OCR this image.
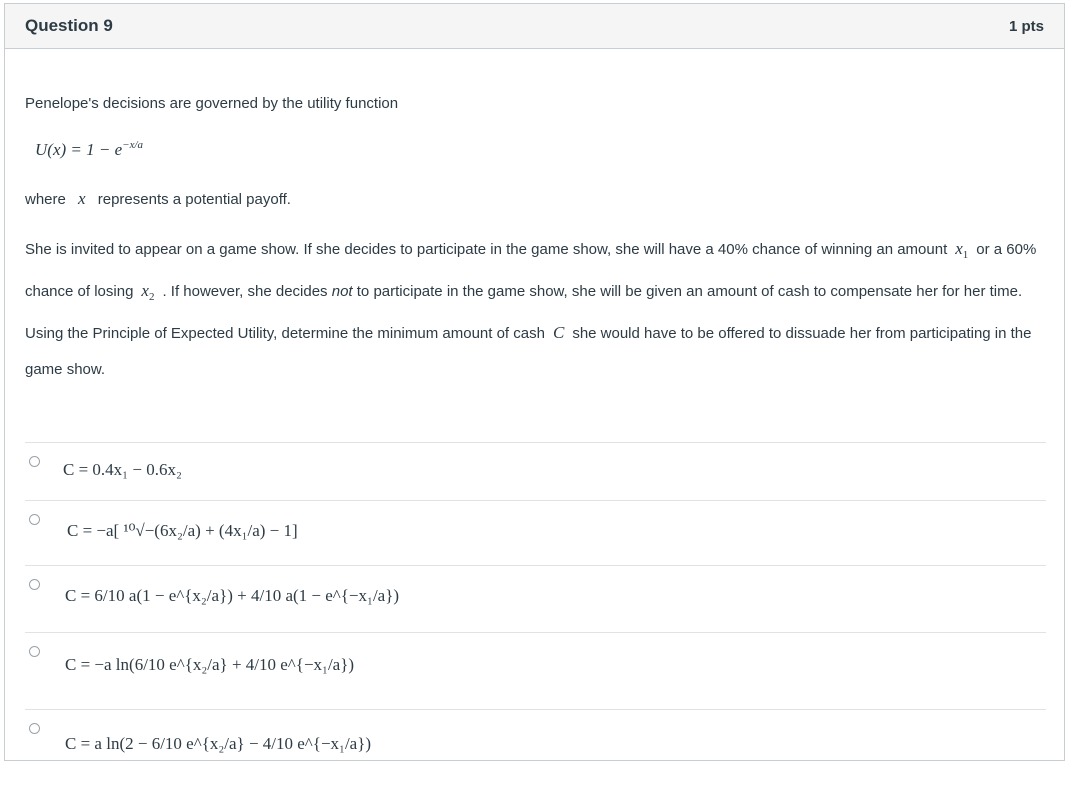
Question 9	1 pts
Penelope's decisions are governed by the utility function
$U(x) = 1 - e^{-x/a}$
where x represents a potential payoff.
She is invited to appear on a game show. If she decides to participate in the game show, she will have a 40% chance of winning an amount $x_1$ or a 60% chance of losing $x_2$ . If however, she decides not to participate in the game show, she will be given an amount of cash to compensate her for her time. Using the Principle of Expected Utility, determine the minimum amount of cash C she would have to be offered to dissuade her from participating in the game show.
C = 0.4x₁ − 0.6x₂
C = −a[ ¹⁰√−(6x₂/a) + (4x₁/a) − 1]
C = 6/10 a(1 − e^{x₂/a}) + 4/10 a(1 − e^{−x₁/a})
C = −a ln(6/10 e^{x₂/a} + 4/10 e^{−x₁/a})
C = a ln(2 − 6/10 e^{x₂/a} − 4/10 e^{−x₁/a})
